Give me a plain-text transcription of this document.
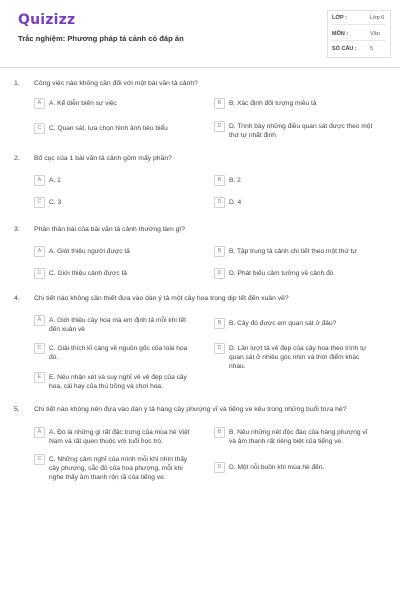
Quizizz
Trắc nghiệm: Phương pháp tả cảnh có đáp án
LỚP :	Lớp 6
MÔN :	Văn
SỐ CÂU : 5
1. Công việc nào không cần đối với một bài văn tả cảnh?
A	A. Kể diễn biến sự việc	B	B. Xác định đối tượng miêu tả
C	C. Quan sát, lựa chọn hình ảnh tiêu biểu	D	D. Trình bày những điều quan sát được theo một thứ tự nhất định
2. Bố cục của 1 bài văn tả cảnh gồm mấy phần?
A	A. 1	B	B. 2
C	C. 3	D	D. 4
3. Phần thân bài của bài văn tả cảnh thường làm gì?
A	A. Giới thiệu người được tả	B	B. Tập trung tả cảnh chi tiết theo một thứ tự
C	C. Giới thiệu cảnh được tả	D	D. Phát biểu cảm tưởng về cảnh đó
4. Chi tiết nào không cần thiết đưa vào dàn ý tả một cây hoa trong dịp tết đến xuân về?
A	A. Giới thiệu cây hoa mà em định tả mỗi khi tết đến xuân về
B	B. Cây đó được em quan sát ở đâu?
C	C. Giải thích kĩ càng về nguồn gốc của loài hoa đó.
D	D. Lần lượt tả vẻ đẹp của cây hoa theo trình tự quan sát ở nhiều góc nhìn và thời điểm khác nhau.
E	E. Nêu nhận xét và suy nghĩ về vẻ đẹp của cây hoa, cái hay của thú trồng và chơi hoa.
5. Chi tiết nào không nên đưa vào dàn ý tả hàng cây phượng vĩ và tiếng ve kêu trong những buổi trưa hè?
A	A. Đó là những gì rất đặc trưng của mùa hè Việt Nam và rất quen thuộc với tuổi học trò.
B	B. Nêu những nét độc đáo của hàng phượng vĩ và âm thanh rất riêng biệt của tiếng ve.
C	C. Những cảm nghĩ của mình mỗi khi nhìn thấy cây phượng, sắc đỏ của hoa phượng, mỗi khi nghe thấy âm thanh rộn rã của tiếng ve.
D	D. Một nỗi buồn khi mùa hè đến.
